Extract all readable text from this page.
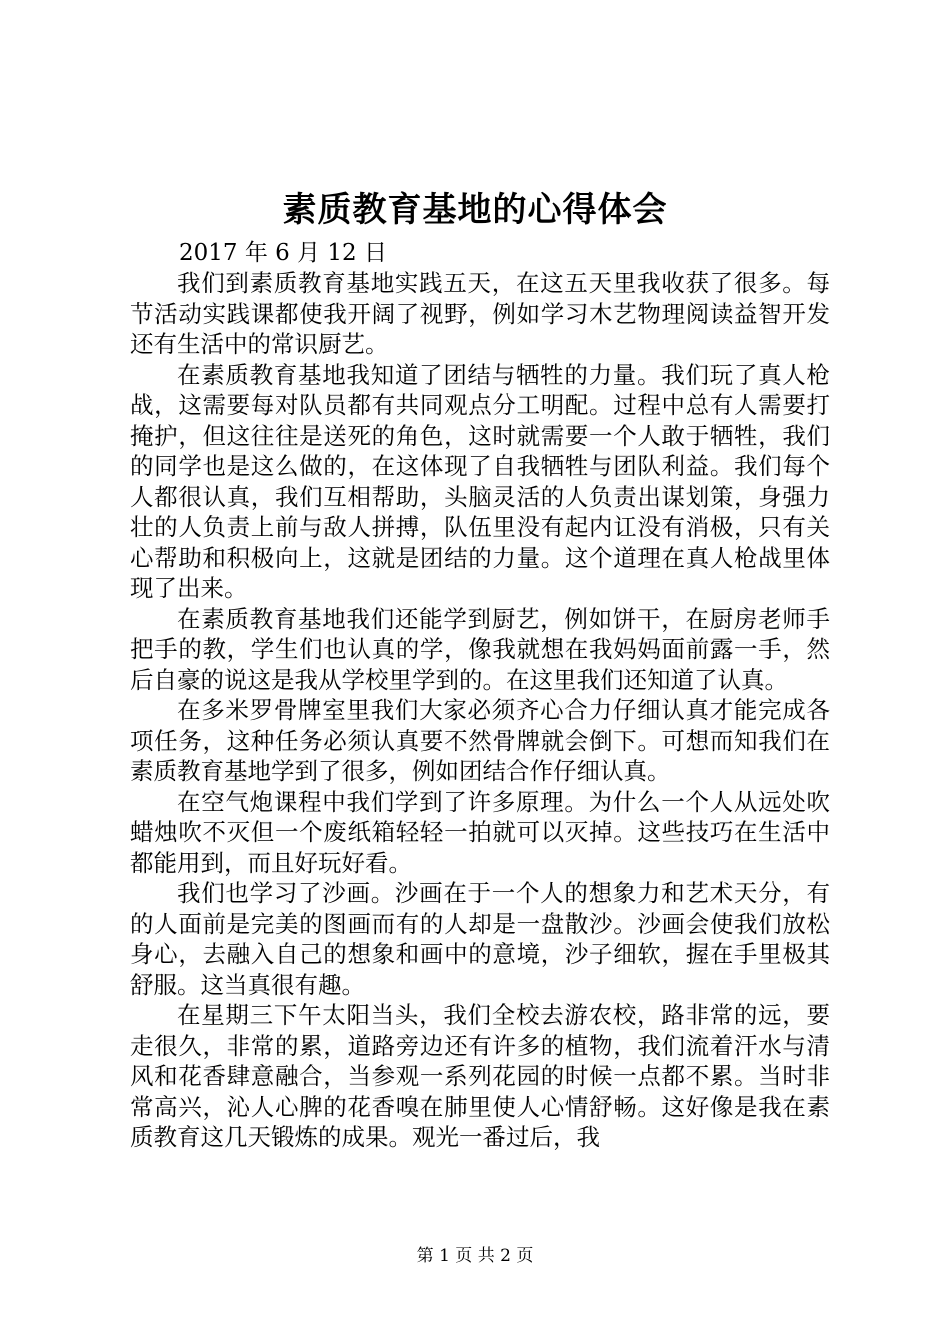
素质教育基地的心得体会
2017 年 6 月 12 日

我们到素质教育基地实践五天，在这五天里我收获了很多。每节活动实践课都使我开阔了视野，例如学习木艺物理阅读益智开发还有生活中的常识厨艺。

在素质教育基地我知道了团结与牺牲的力量。我们玩了真人枪战，这需要每对队员都有共同观点分工明配。过程中总有人需要打掩护，但这往往是送死的角色，这时就需要一个人敢于牺牲，我们的同学也是这么做的，在这体现了自我牺牲与团队利益。我们每个人都很认真，我们互相帮助，头脑灵活的人负责出谋划策，身强力壮的人负责上前与敌人拼搏，队伍里没有起内讧没有消极，只有关心帮助和积极向上，这就是团结的力量。这个道理在真人枪战里体现了出来。

在素质教育基地我们还能学到厨艺，例如饼干，在厨房老师手把手的教，学生们也认真的学，像我就想在我妈妈面前露一手，然后自豪的说这是我从学校里学到的。在这里我们还知道了认真。

在多米罗骨牌室里我们大家必须齐心合力仔细认真才能完成各项任务，这种任务必须认真要不然骨牌就会倒下。可想而知我们在素质教育基地学到了很多，例如团结合作仔细认真。

在空气炮课程中我们学到了许多原理。为什么一个人从远处吹蜡烛吹不灭但一个废纸箱轻轻一拍就可以灭掉。这些技巧在生活中都能用到，而且好玩好看。

我们也学习了沙画。沙画在于一个人的想象力和艺术天分，有的人面前是完美的图画而有的人却是一盘散沙。沙画会使我们放松身心，去融入自己的想象和画中的意境，沙子细软，握在手里极其舒服。这当真很有趣。

在星期三下午太阳当头，我们全校去游农校，路非常的远，要走很久，非常的累，道路旁边还有许多的植物，我们流着汗水与清风和花香肆意融合，当参观一系列花园的时候一点都不累。当时非常高兴，沁人心脾的花香嗅在肺里使人心情舒畅。这好像是我在素质教育这几天锻炼的成果。观光一番过后，我

第 1 页 共 2 页
